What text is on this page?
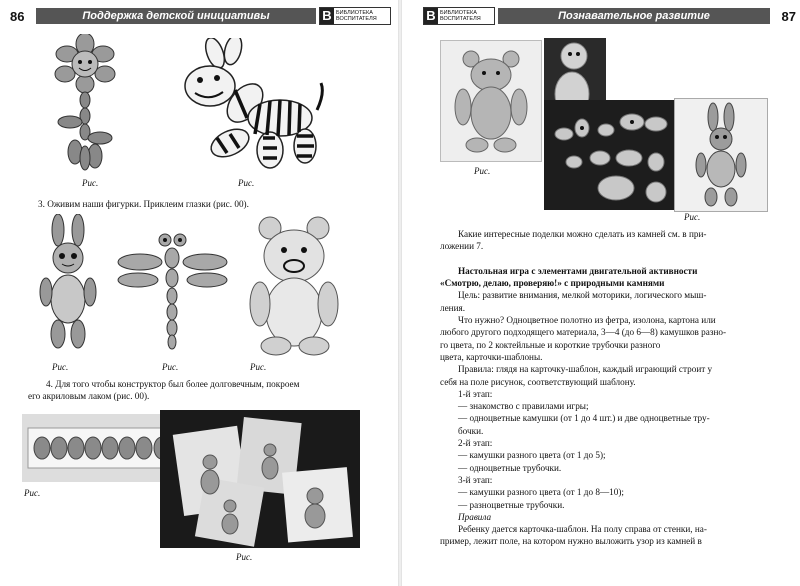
86	Поддержка детской инициативы	B БИБЛИОТЕКА ВОСПИТАТЕЛЯ
Рис.	Рис.
3. Оживим наши фигурки. Приклеим глазки (рис. 00).
Рис.	Рис.	Рис.
4. Для того чтобы конструктор был более долговечным, покроем
его акриловым лаком (рис. 00).
Рис.
Рис.
B БИБЛИОТЕКА ВОСПИТАТЕЛЯ	Познавательное развитие	87
Рис.
Рис.
Какие интересные поделки можно сделать из камней см. в при-
ложении 7.
Настольная игра с элементами двигательной активности
«Смотрю, делаю, проверяю!» с природными камнями
Цель: развитие внимания, мелкой моторики, логического мыш-
ления.
Что нужно? Одноцветное полотно из фетра, изолона, картона или
любого другого подходящего материала, 3—4 (до 6—8) камушков разно-
го цвета, по 2 коктейльные и короткие трубочки разного
цвета, карточки-шаблоны.
Правила: глядя на карточку-шаблон, каждый играющий строит у
себя на поле рисунок, соответствующий шаблону.
1-й этап:
— знакомство с правилами игры;
— одноцветные камушки (от 1 до 4 шт.) и две одноцветные тру-
бочки.
2-й этап:
— камушки разного цвета (от 1 до 5);
— одноцветные трубочки.
3-й этап:
— камушки разного цвета (от 1 до 8—10);
— разноцветные трубочки.
Правила
Ребенку дается карточка-шаблон. На полу справа от стенки, на-
пример, лежит поле, на котором нужно выложить узор из камней в
